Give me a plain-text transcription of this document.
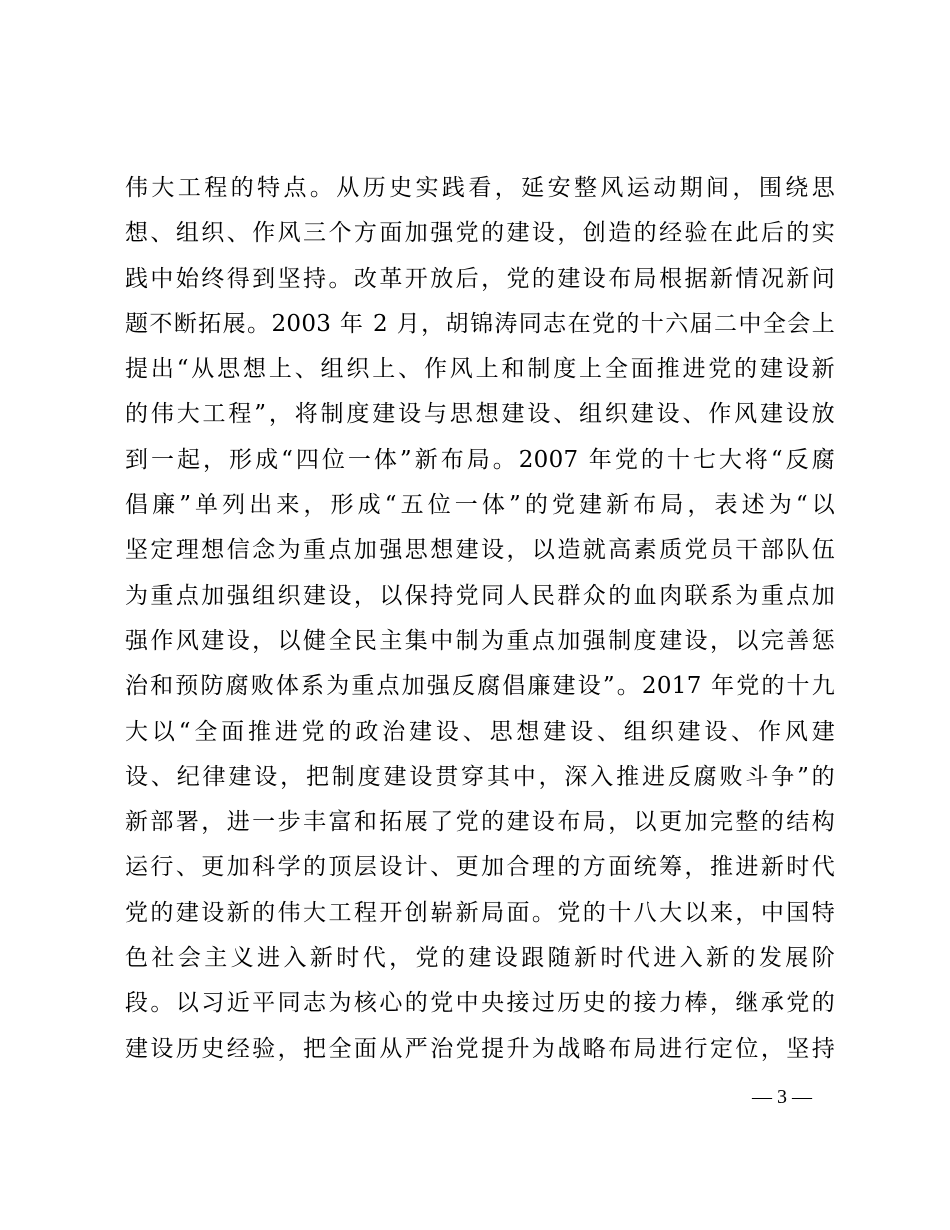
伟大工程的特点。从历史实践看，延安整风运动期间，围绕思
想、组织、作风三个方面加强党的建设，创造的经验在此后的实
践中始终得到坚持。改革开放后，党的建设布局根据新情况新问
题不断拓展。2003 年 2 月，胡锦涛同志在党的十六届二中全会上
提出“从思想上、组织上、作风上和制度上全面推进党的建设新
的伟大工程”，将制度建设与思想建设、组织建设、作风建设放
到一起，形成“四位一体”新布局。2007 年党的十七大将“反腐
倡廉”单列出来，形成“五位一体”的党建新布局，表述为“以
坚定理想信念为重点加强思想建设，以造就高素质党员干部队伍
为重点加强组织建设，以保持党同人民群众的血肉联系为重点加
强作风建设，以健全民主集中制为重点加强制度建设，以完善惩
治和预防腐败体系为重点加强反腐倡廉建设”。2017 年党的十九
大以“全面推进党的政治建设、思想建设、组织建设、作风建
设、纪律建设，把制度建设贯穿其中，深入推进反腐败斗争”的
新部署，进一步丰富和拓展了党的建设布局，以更加完整的结构
运行、更加科学的顶层设计、更加合理的方面统筹，推进新时代
党的建设新的伟大工程开创崭新局面。党的十八大以来，中国特
色社会主义进入新时代，党的建设跟随新时代进入新的发展阶
段。以习近平同志为核心的党中央接过历史的接力棒，继承党的
建设历史经验，把全面从严治党提升为战略布局进行定位，坚持
— 3 —
